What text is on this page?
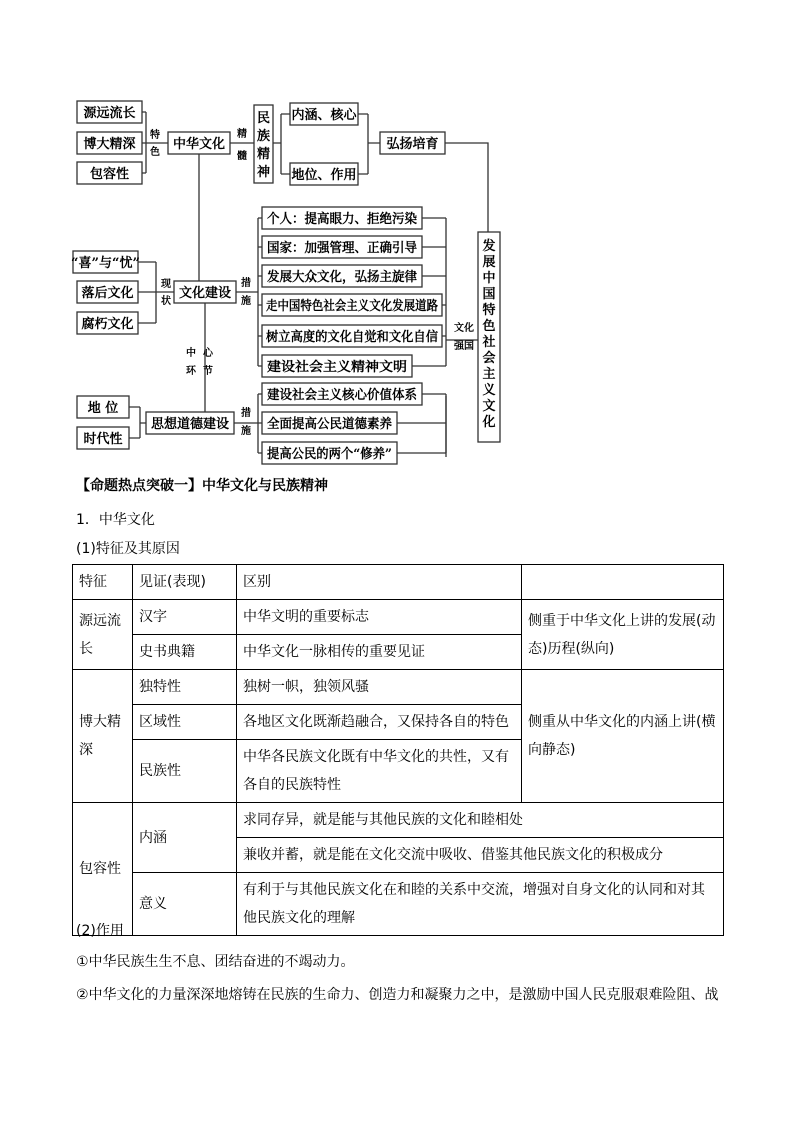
源远流长
博大精深
包容性
特
色
中华文化
精
髓
民
族
精
神
内涵、核心
地位、作用
弘扬培育
发
展
中
国
特
色
社
会
主
义
文
化
“喜”与“忧”
落后文化
腐朽文化
现
状
文化建设
中 心
环 节
措
施
个人：提高眼力、拒绝污染
国家：加强管理、正确引导
发展大众文化，弘扬主旋律
走中国特色社会主义文化发展道路
树立高度的文化自觉和文化自信
建设社会主义精神文明
文化
强国
地 位
时代性
思想道德建设
措
施
建设社会主义核心价值体系
全面提高公民道德素养
提高公民的两个“修养”
【命题热点突破一】中华文化与民族精神
1．中华文化
(1)特征及其原因
特征	见证(表现)	区别	
源远流长	汉字	中华文明的重要标志	侧重于中华文化上讲的发展(动态)历程(纵向)
	史书典籍	中华文化一脉相传的重要见证	
博大精深	独特性	独树一帜，独领风骚	侧重从中华文化的内涵上讲(横向静态)
	区域性	各地区文化既渐趋融合，又保持各自的特色	
	民族性	中华各民族文化既有中华文化的共性，又有各自的民族特性	
包容性	内涵	求同存异，就是能与其他民族的文化和睦相处	
		兼收并蓄，就是能在文化交流中吸收、借鉴其他民族文化的积极成分	
	意义	有利于与其他民族文化在和睦的关系中交流，增强对自身文化的认同和对其他民族文化的理解	
(2)作用
①中华民族生生不息、团结奋进的不竭动力。
②中华文化的力量深深地熔铸在民族的生命力、创造力和凝聚力之中，是激励中国人民克服艰难险阻、战
